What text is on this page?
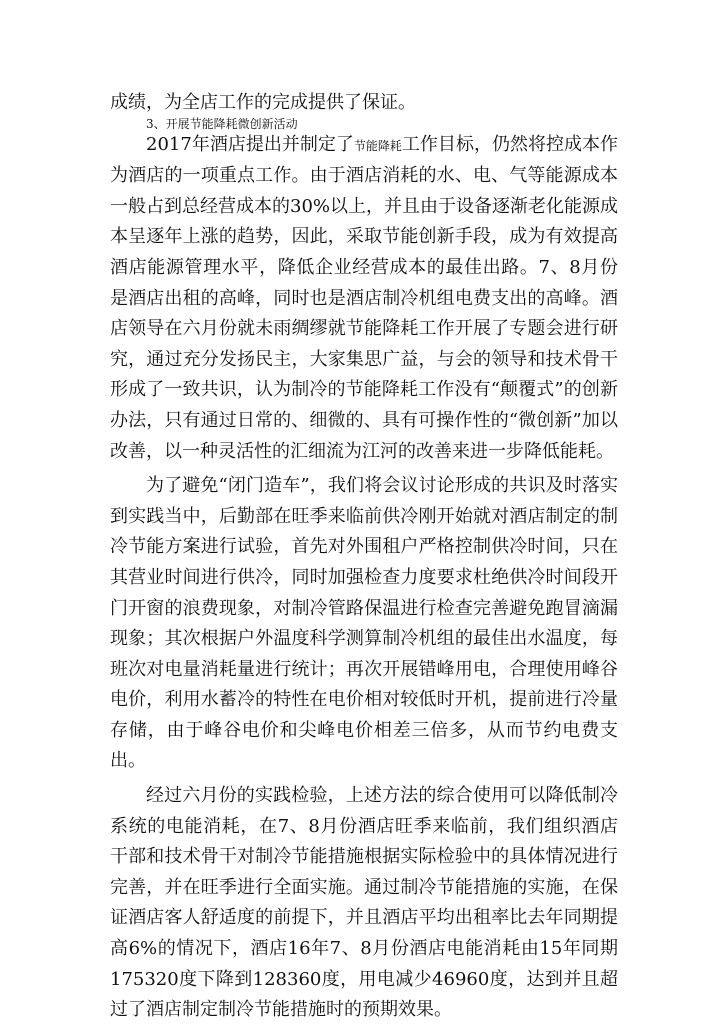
成绩，为全店工作的完成提供了保证。

3、开展节能降耗微创新活动

2017年酒店提出并制定了节能降耗工作目标，仍然将控成本作为酒店的一项重点工作。由于酒店消耗的水、电、气等能源成本一般占到总经营成本的30%以上，并且由于设备逐渐老化能源成本呈逐年上涨的趋势，因此，采取节能创新手段，成为有效提高酒店能源管理水平，降低企业经营成本的最佳出路。7、8月份是酒店出租的高峰，同时也是酒店制冷机组电费支出的高峰。酒店领导在六月份就未雨绸缪就节能降耗工作开展了专题会进行研究，通过充分发扬民主，大家集思广益，与会的领导和技术骨干形成了一致共识，认为制冷的节能降耗工作没有“颠覆式”的创新办法，只有通过日常的、细微的、具有可操作性的“微创新”加以改善，以一种灵活性的汇细流为江河的改善来进一步降低能耗。

为了避免“闭门造车”，我们将会议讨论形成的共识及时落实到实践当中，后勤部在旺季来临前供冷刚开始就对酒店制定的制冷节能方案进行试验，首先对外围租户严格控制供冷时间，只在其营业时间进行供冷，同时加强检查力度要求杜绝供冷时间段开门开窗的浪费现象，对制冷管路保温进行检查完善避免跑冒滴漏现象；其次根据户外温度科学测算制冷机组的最佳出水温度，每班次对电量消耗量进行统计；再次开展错峰用电，合理使用峰谷电价，利用水蓄冷的特性在电价相对较低时开机，提前进行冷量存储，由于峰谷电价和尖峰电价相差三倍多，从而节约电费支出。

经过六月份的实践检验，上述方法的综合使用可以降低制冷系统的电能消耗，在7、8月份酒店旺季来临前，我们组织酒店干部和技术骨干对制冷节能措施根据实际检验中的具体情况进行完善，并在旺季进行全面实施。通过制冷节能措施的实施，在保证酒店客人舒适度的前提下，并且酒店平均出租率比去年同期提高6%的情况下，酒店16年7、8月份酒店电能消耗由15年同期175320度下降到128360度，用电减少46960度，达到并且超过了酒店制定制冷节能措施时的预期效果。
